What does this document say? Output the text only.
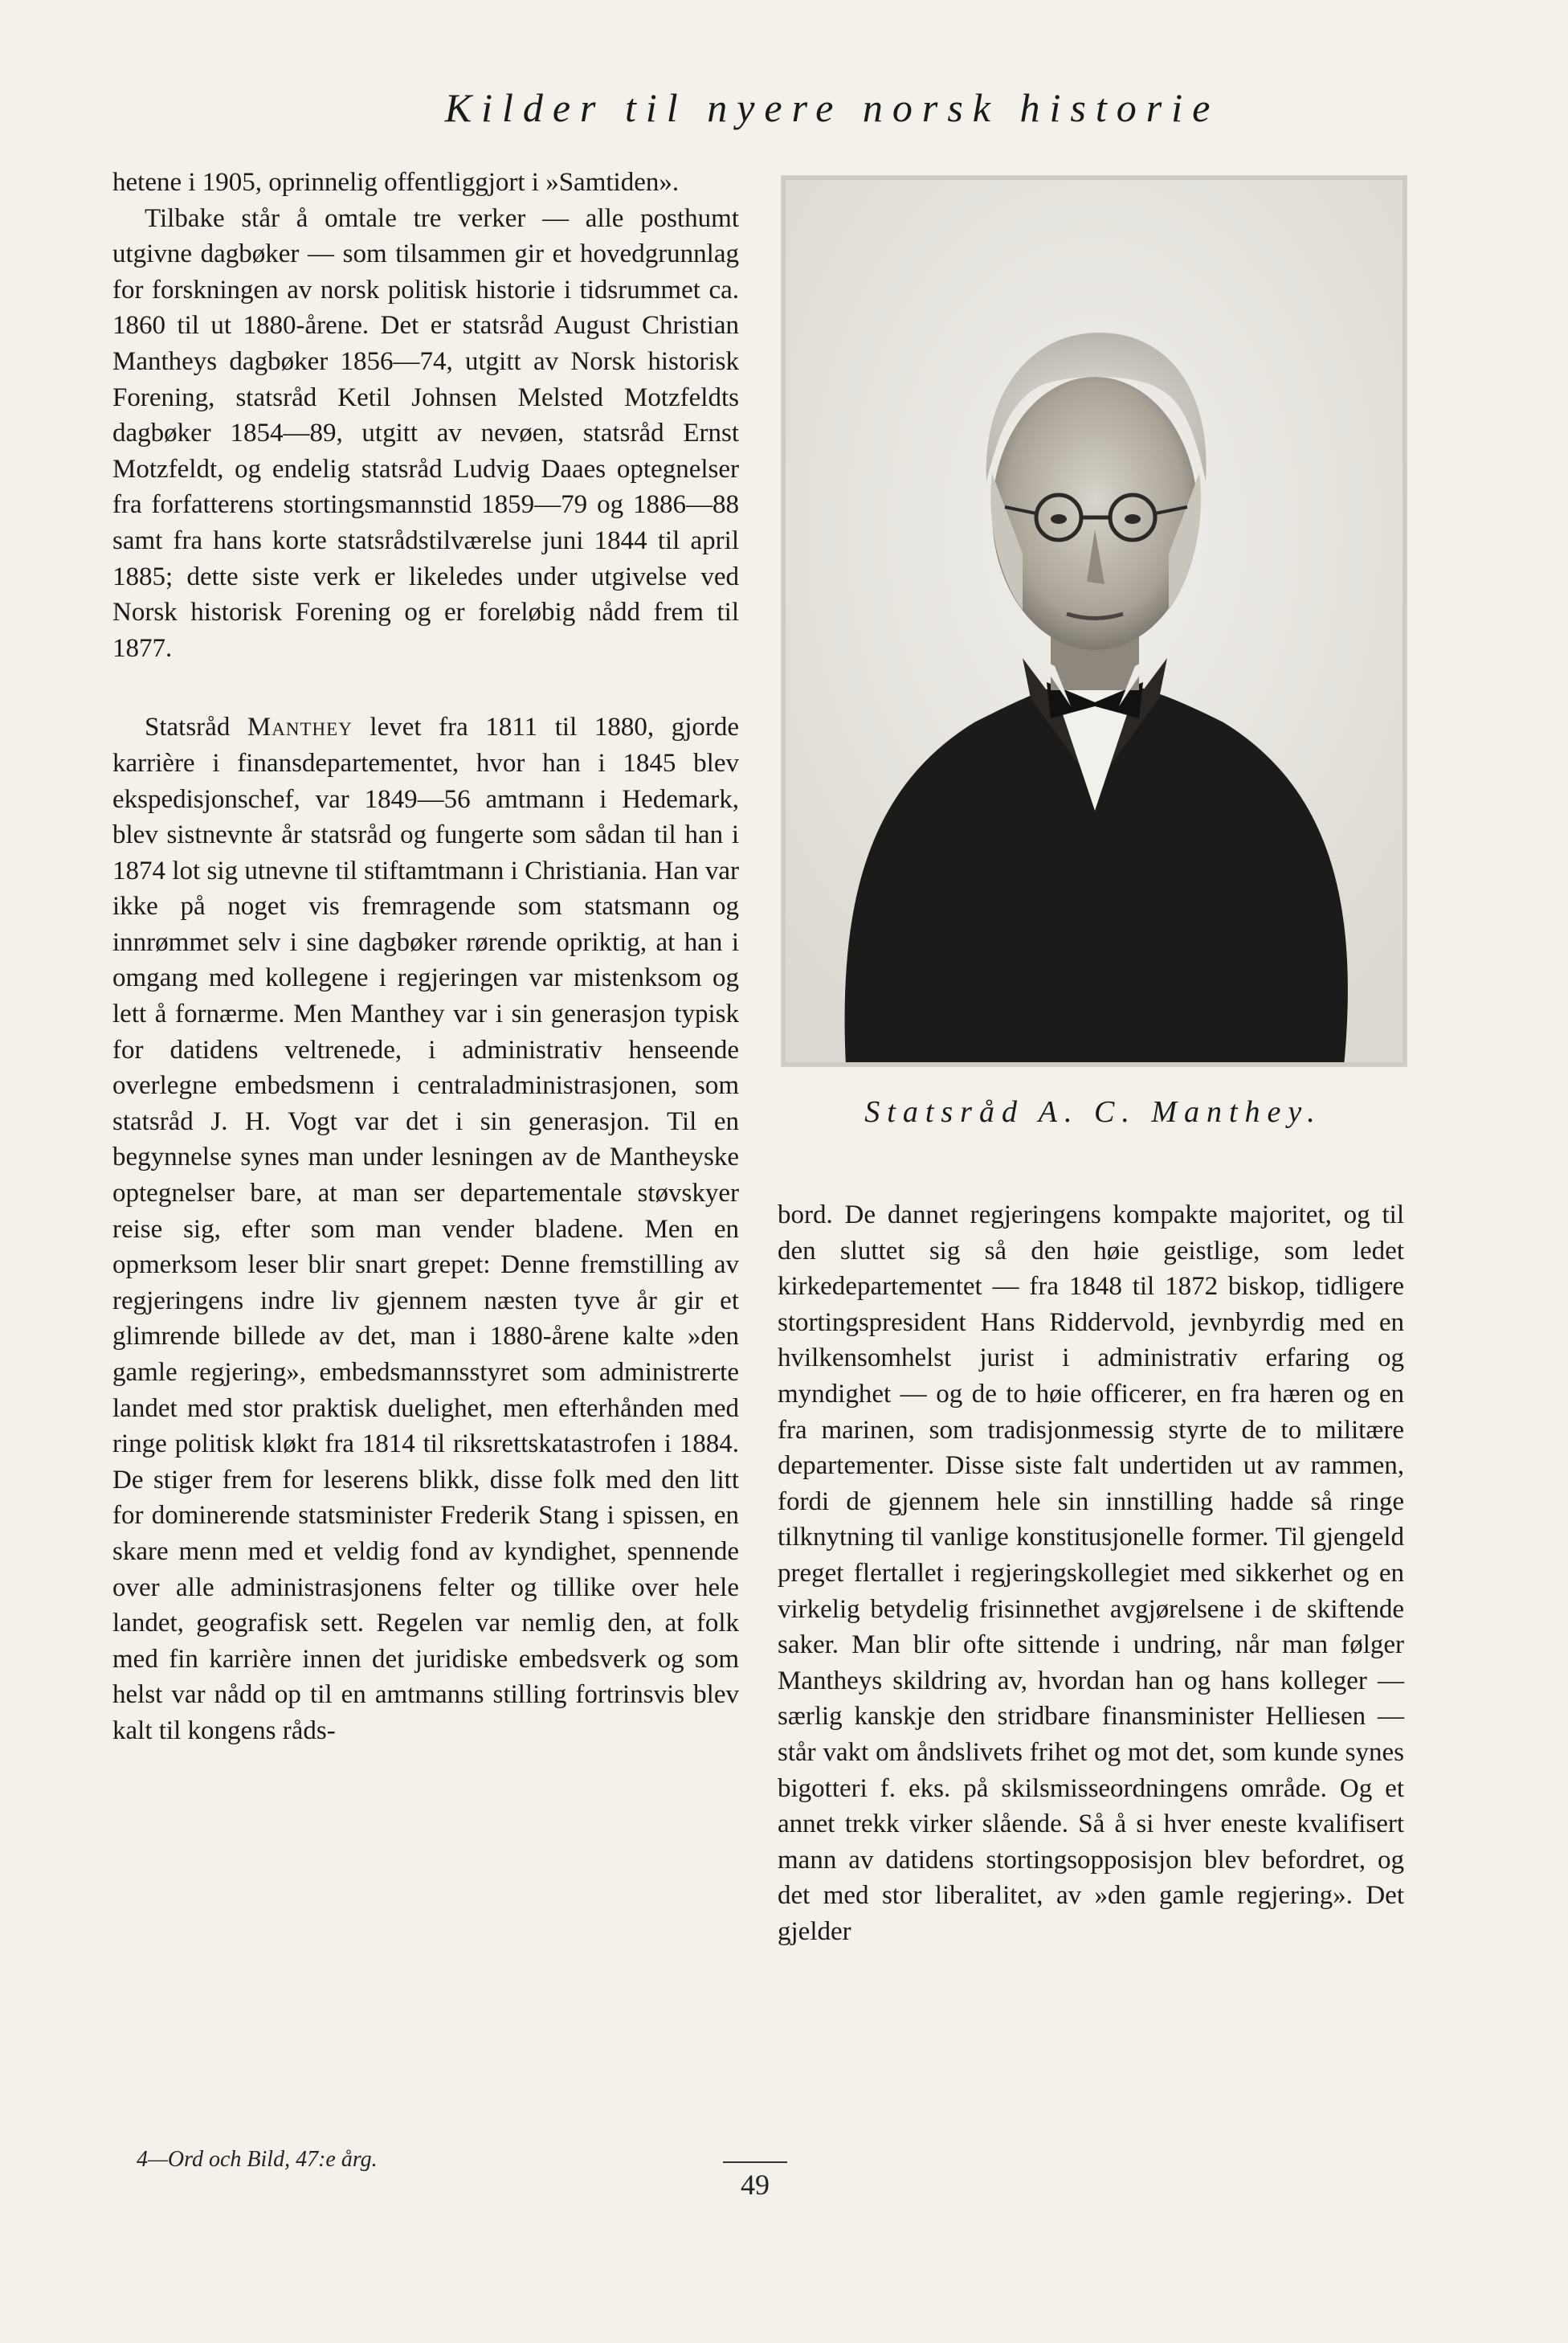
Kilder til nyere norsk historie

hetene i 1905, oprinnelig offentliggjort i »Samtiden».

Tilbake står å omtale tre verker — alle posthumt utgivne dagbøker — som tilsammen gir et hovedgrunnlag for forskningen av norsk politisk historie i tidsrummet ca. 1860 til ut 1880-årene. Det er statsråd August Christian Mantheys dagbøker 1856—74, utgitt av Norsk historisk Forening, statsråd Ketil Johnsen Melsted Motzfeldts dagbøker 1854—89, utgitt av nevøen, statsråd Ernst Motzfeldt, og endelig statsråd Ludvig Daaes optegnelser fra forfatterens stortingsmannstid 1859—79 og 1886—88 samt fra hans korte statsrådstilværelse juni 1844 til april 1885; dette siste verk er likeledes under utgivelse ved Norsk historisk Forening og er foreløbig nådd frem til 1877.

Statsråd Manthey levet fra 1811 til 1880, gjorde karrière i finansdepartementet, hvor han i 1845 blev ekspedisjonschef, var 1849—56 amtmann i Hedemark, blev sistnevnte år statsråd og fungerte som sådan til han i 1874 lot sig utnevne til stiftamtmann i Christiania. Han var ikke på noget vis fremragende som statsmann og innrømmet selv i sine dagbøker rørende opriktig, at han i omgang med kollegene i regjeringen var mistenksom og lett å fornærme. Men Manthey var i sin generasjon typisk for datidens veltrenede, i administrativ henseende overlegne embedsmenn i centraladministrasjonen, som statsråd J. H. Vogt var det i sin generasjon. Til en begynnelse synes man under lesningen av de Mantheyske optegnelser bare, at man ser departementale støvskyer reise sig, efter som man vender bladene. Men en opmerksom leser blir snart grepet: Denne fremstilling av regjeringens indre liv gjennem næsten tyve år gir et glimrende billede av det, man i 1880-årene kalte »den gamle regjering», embedsmannsstyret som administrerte landet med stor praktisk duelighet, men efterhånden med ringe politisk kløkt fra 1814 til riksrettskatastrofen i 1884. De stiger frem for leserens blikk, disse folk med den litt for dominerende statsminister Frederik Stang i spissen, en skare menn med et veldig fond av kyndighet, spennende over alle administrasjonens felter og tillike over hele landet, geografisk sett. Regelen var nemlig den, at folk med fin karrière innen det juridiske embedsverk og som helst var nådd op til en amtmanns stilling fortrinsvis blev kalt til kongens råds-

Statsråd A. C. Manthey.

bord. De dannet regjeringens kompakte majoritet, og til den sluttet sig så den høie geistlige, som ledet kirkedepartementet — fra 1848 til 1872 biskop, tidligere stortingspresident Hans Riddervold, jevnbyrdig med en hvilkensomhelst jurist i administrativ erfaring og myndighet — og de to høie officerer, en fra hæren og en fra marinen, som tradisjonmessig styrte de to militære departementer. Disse siste falt undertiden ut av rammen, fordi de gjennem hele sin innstilling hadde så ringe tilknytning til vanlige konstitusjonelle former. Til gjengeld preget flertallet i regjeringskollegiet med sikkerhet og en virkelig betydelig frisinnethet avgjørelsene i de skiftende saker. Man blir ofte sittende i undring, når man følger Mantheys skildring av, hvordan han og hans kolleger — særlig kanskje den stridbare finansminister Helliesen — står vakt om åndslivets frihet og mot det, som kunde synes bigotteri f. eks. på skilsmisseordningens område. Og et annet trekk virker slående. Så å si hver eneste kvalifisert mann av datidens stortingsopposisjon blev befordret, og det med stor liberalitet, av »den gamle regjering». Det gjelder

4—Ord och Bild, 47:e årg.
49
